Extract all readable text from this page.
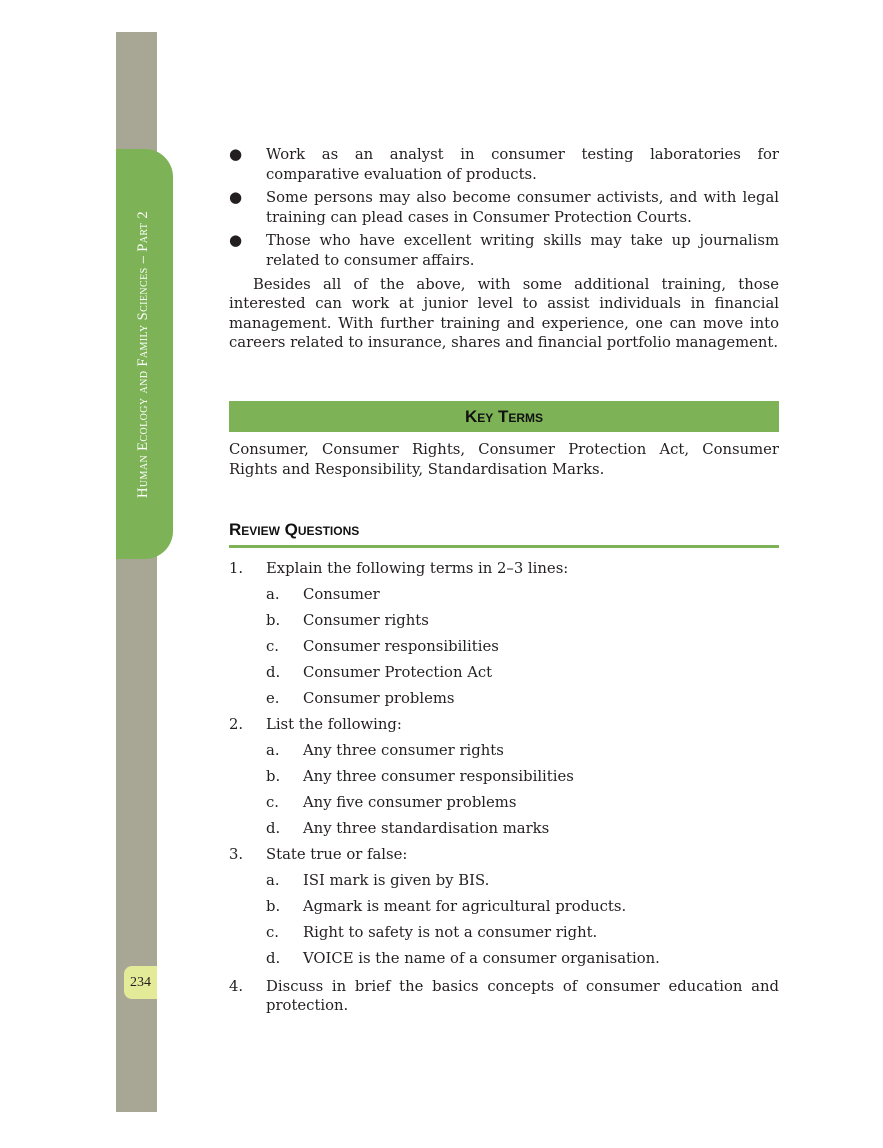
Human Ecology and Family Sciences – Part 2
234
● Work as an analyst in consumer testing laboratories for comparative evaluation of products.
● Some persons may also become consumer activists, and with legal training can plead cases in Consumer Protection Courts.
● Those who have excellent writing skills may take up journalism related to consumer affairs.

Besides all of the above, with some additional training, those interested can work at junior level to assist individuals in financial management. With further training and experience, one can move into careers related to insurance, shares and financial portfolio management.

Key Terms

Consumer, Consumer Rights, Consumer Protection Act, Consumer Rights and Responsibility, Standardisation Marks.

Review Questions
1. Explain the following terms in 2–3 lines:
a. Consumer
b. Consumer rights
c. Consumer responsibilities
d. Consumer Protection Act
e. Consumer problems
2. List the following:
a. Any three consumer rights
b. Any three consumer responsibilities
c. Any five consumer problems
d. Any three standardisation marks
3. State true or false:
a. ISI mark is given by BIS.
b. Agmark is meant for agricultural products.
c. Right to safety is not a consumer right.
d. VOICE is the name of a consumer organisation.
4. Discuss in brief the basics concepts of consumer education and protection.
